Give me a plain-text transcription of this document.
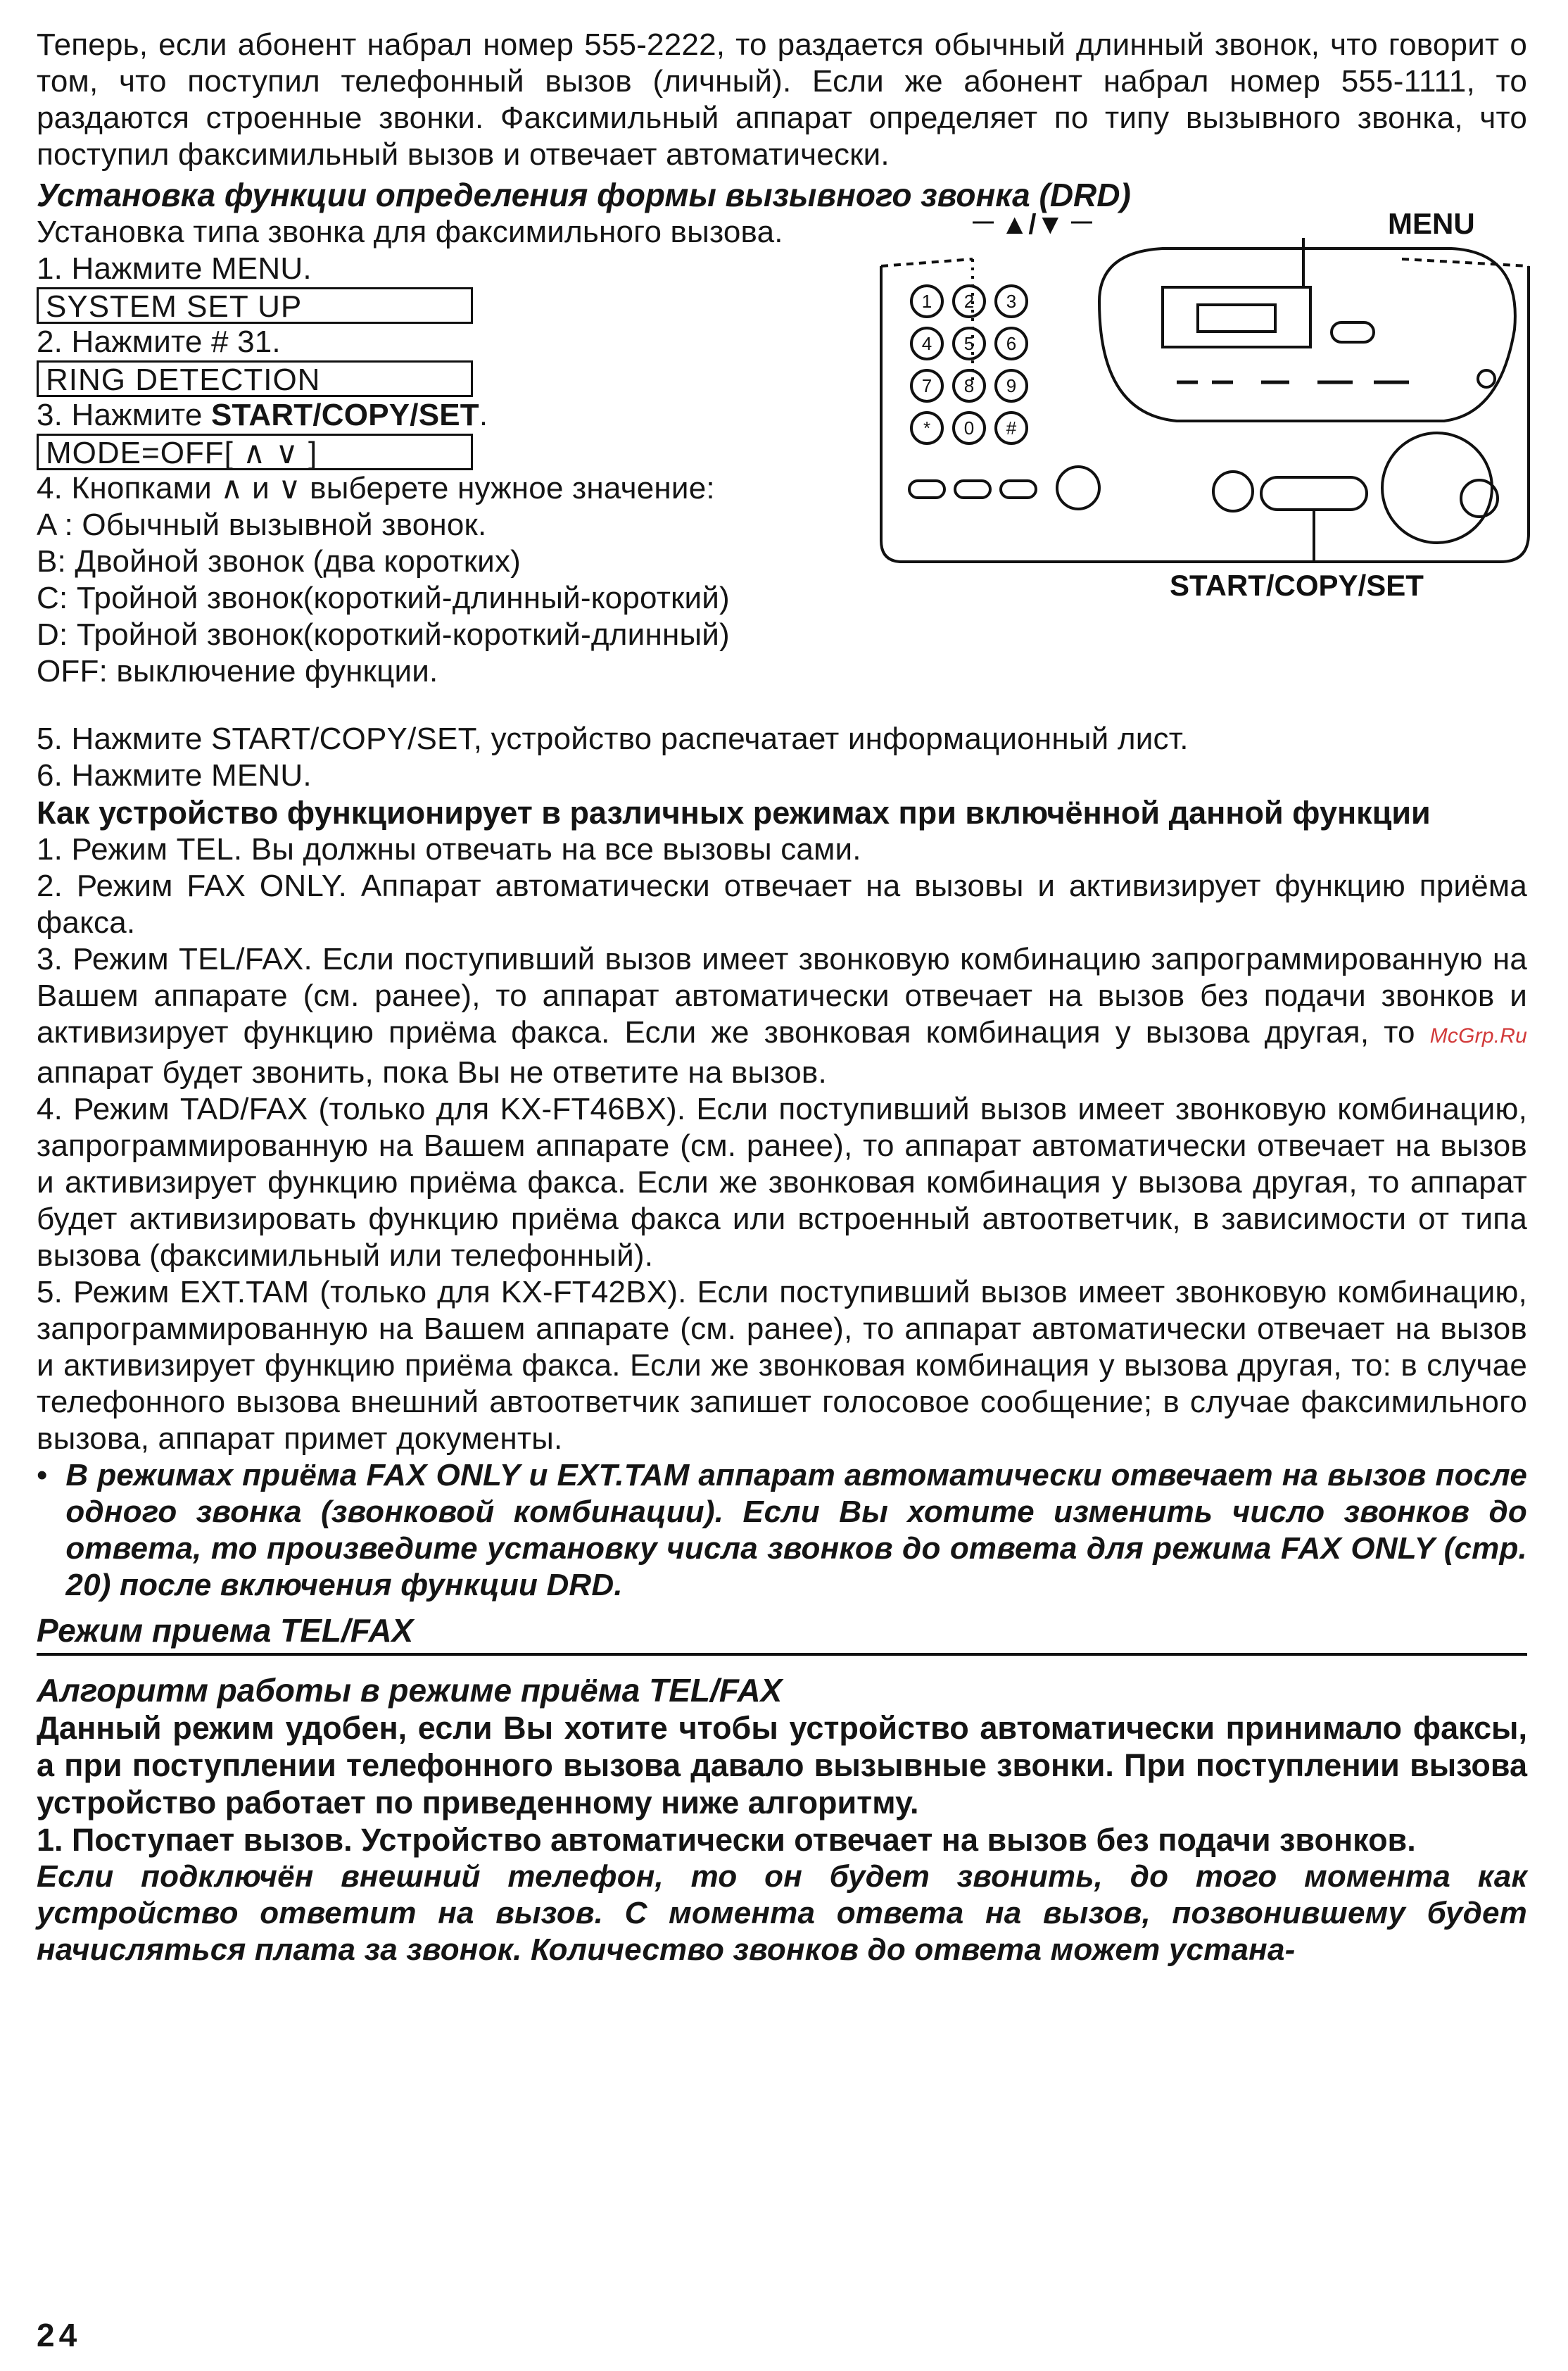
Теперь, если абонент набрал номер 555-2222, то раздается обычный длинный звонок, что говорит о том, что поступил телефонный вызов (личный). Если же абонент набрал номер 555-1111, то раздаются строенные звонки. Факсимильный аппарат определяет по типу вызывного звонка, что поступил факсимильный вызов и отвечает автоматически.

Установка функции определения формы вызывного звонка (DRD)

Установка типа звонка для факсимильного вызова.

1. Нажмите MENU.

SYSTEM SET UP

2. Нажмите # 31.

RING DETECTION

3. Нажмите START/COPY/SET.

MODE=OFF[ ∧ ∨ ]

4. Кнопками ∧ и ∨ выберете нужное значение:

A : Обычный вызывной звонок.

B: Двойной звонок (два коротких)

C: Тройной звонок(короткий-длинный-короткий)

D: Тройной звонок(короткий-короткий-длинный)

OFF: выключение функции.

1 2 3
4 5 6
7 8 9
* 0 #
▲/▼	MENU
START/COPY/SET

5. Нажмите START/COPY/SET, устройство распечатает информационный лист.

6. Нажмите MENU.

Как устройство функционирует в различных режимах при включённой данной функции

1. Режим TEL. Вы должны отвечать на все вызовы сами.

2. Режим FAX ONLY. Аппарат автоматически отвечает на вызовы и активизирует функцию приёма факса.

3. Режим TEL/FAX. Если поступивший вызов имеет звонковую комбинацию запрограммированную на Вашем аппарате (см. ранее), то аппарат автоматически отвечает на вызов без подачи звонков и активизирует функцию приёма факса. Если же звонковая комбинация у вызова другая, то McGrp.Ru аппарат будет звонить, пока Вы не ответите на вызов.

4. Режим TAD/FAX (только для KX-FT46BX). Если поступивший вызов имеет звонковую комбинацию, запрограммированную на Вашем аппарате (см. ранее), то аппарат автоматически отвечает на вызов и активизирует функцию приёма факса. Если же звонковая комбинация у вызова другая, то аппарат будет активизировать функцию приёма факса или встроенный автоответчик, в зависимости от типа вызова (факсимильный или телефонный).

5. Режим EXT.TAM (только для KX-FT42BX). Если поступивший вызов имеет звонковую комбинацию, запрограммированную на Вашем аппарате (см. ранее), то аппарат автоматически отвечает на вызов и активизирует функцию приёма факса. Если же звонковая комбинация у вызова другая, то: в случае телефонного вызова внешний автоответчик запишет голосовое сообщение; в случае факсимильного вызова, аппарат примет документы.

• В режимах приёма FAX ONLY и EXT.TAM аппарат автоматически отвечает на вызов после одного звонка (звонковой комбинации). Если Вы хотите изменить число звонков до ответа, то произведите установку числа звонков до ответа для режима FAX ONLY (стр. 20) после включения функции DRD.

Режим приема TEL/FAX
Алгоритм работы в режиме приёма TEL/FAX

Данный режим удобен, если Вы хотите чтобы устройство автоматически принимало факсы, а при поступлении телефонного вызова давало вызывные звонки. При поступлении вызова устройство работает по приведенному ниже алгоритму.

1. Поступает вызов. Устройство автоматически отвечает на вызов без подачи звонков.

Если подключён внешний телефон, то он будет звонить, до того момента как устройство ответит на вызов. С момента ответа на вызов, позвонившему будет начисляться плата за звонок. Количество звонков до ответа может устана-

24
